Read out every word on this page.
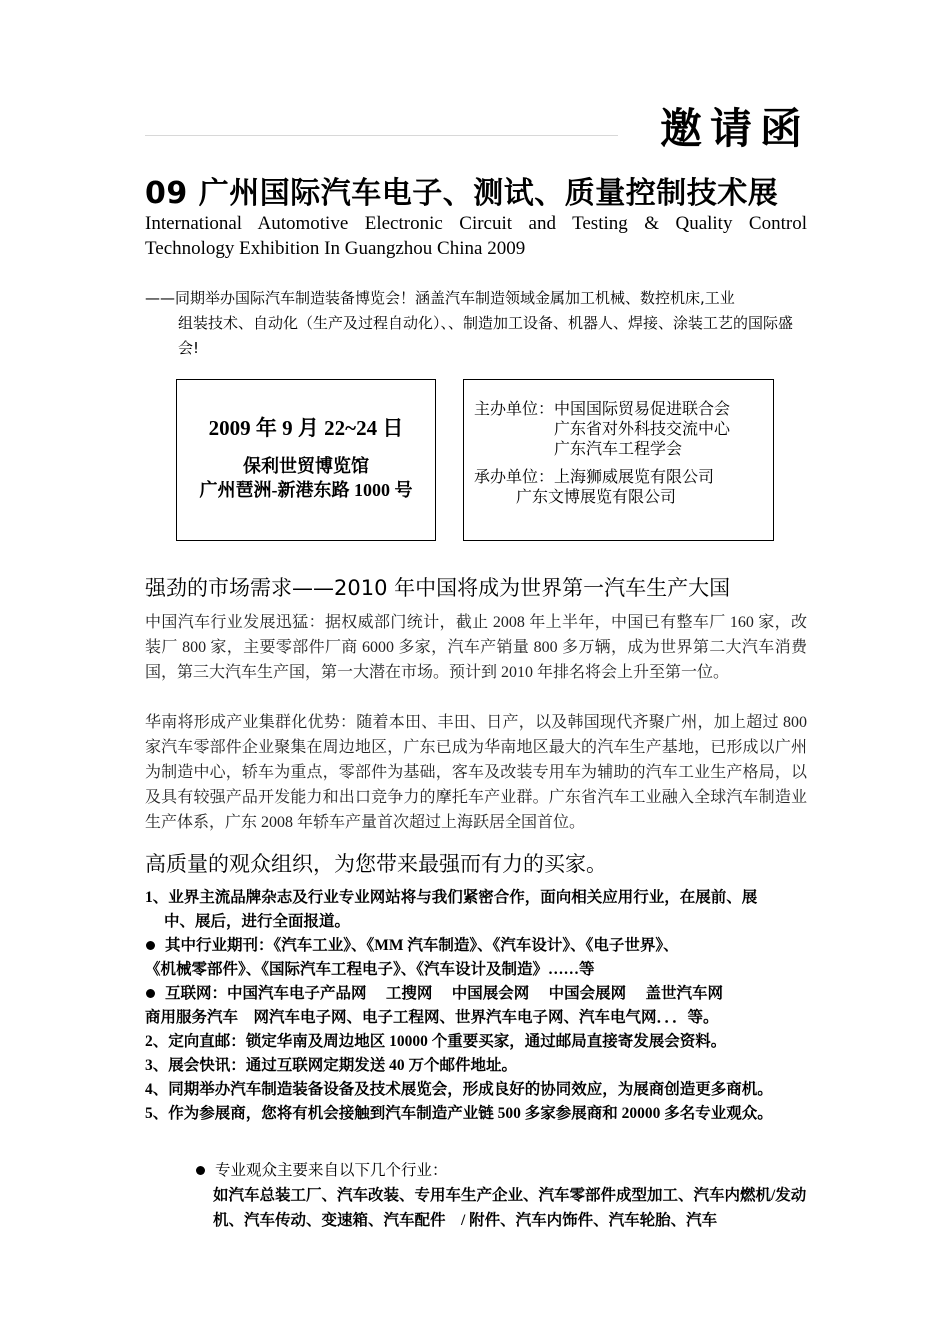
邀请函
09 广州国际汽车电子、测试、质量控制技术展
International Automotive Electronic Circuit and Testing & Quality Control Technology Exhibition In Guangzhou China 2009
——同期举办国际汽车制造装备博览会！涵盖汽车制造领域金属加工机械、数控机床,工业
组装技术、自动化（生产及过程自动化）、、制造加工设备、机器人、焊接、涂装工艺的国际盛会!
2009 年 9 月 22~24 日
保利世贸博览馆
广州琶洲-新港东路 1000 号
主办单位： 中国国际贸易促进联合会
广东省对外科技交流中心
广东汽车工程学会
承办单位： 上海狮威展览有限公司
广东文博展览有限公司
强劲的市场需求——2010 年中国将成为世界第一汽车生产大国
中国汽车行业发展迅猛：据权威部门统计，截止 2008 年上半年，中国已有整车厂 160 家，改装厂 800 家，主要零部件厂商 6000 多家，汽车产销量 800 多万辆，成为世界第二大汽车消费国，第三大汽车生产国，第一大潜在市场。预计到 2010 年排名将会上升至第一位。
华南将形成产业集群化优势：随着本田、丰田、日产，以及韩国现代齐聚广州，加上超过 800 家汽车零部件企业聚集在周边地区，广东已成为华南地区最大的汽车生产基地，已形成以广州为制造中心，轿车为重点，零部件为基础，客车及改装专用车为辅助的汽车工业生产格局，以及具有较强产品开发能力和出口竞争力的摩托车产业群。广东省汽车工业融入全球汽车制造业生产体系，广东 2008 年轿车产量首次超过上海跃居全国首位。
高质量的观众组织，为您带来最强而有力的买家。
1、业界主流品牌杂志及行业专业网站将与我们紧密合作，面向相关应用行业，在展前、展
中、展后，进行全面报道。
其中行业期刊：《汽车工业》、《MM 汽车制造》、《汽车设计》、《电子世界》、
《机械零部件》、《国际汽车工程电子》、《汽车设计及制造》……等
互联网：中国汽车电子产品网　 工搜网　 中国展会网　 中国会展网　 盖世汽车网
商用服务汽车　网汽车电子网、电子工程网、世界汽车电子网、汽车电气网．．．等。
2、定向直邮：锁定华南及周边地区 10000 个重要买家，通过邮局直接寄发展会资料。
3、展会快讯：通过互联网定期发送 40 万个邮件地址。
4、同期举办汽车制造装备设备及技术展览会，形成良好的协同效应，为展商创造更多商机。
5、作为参展商，您将有机会接触到汽车制造产业链 500 多家参展商和 20000 多名专业观众。
专业观众主要来自以下几个行业：
如汽车总装工厂、汽车改装、专用车生产企业、汽车零部件成型加工、汽车内燃机/发动机、汽车传动、变速箱、汽车配件　/ 附件、汽车内饰件、汽车轮胎、汽车
